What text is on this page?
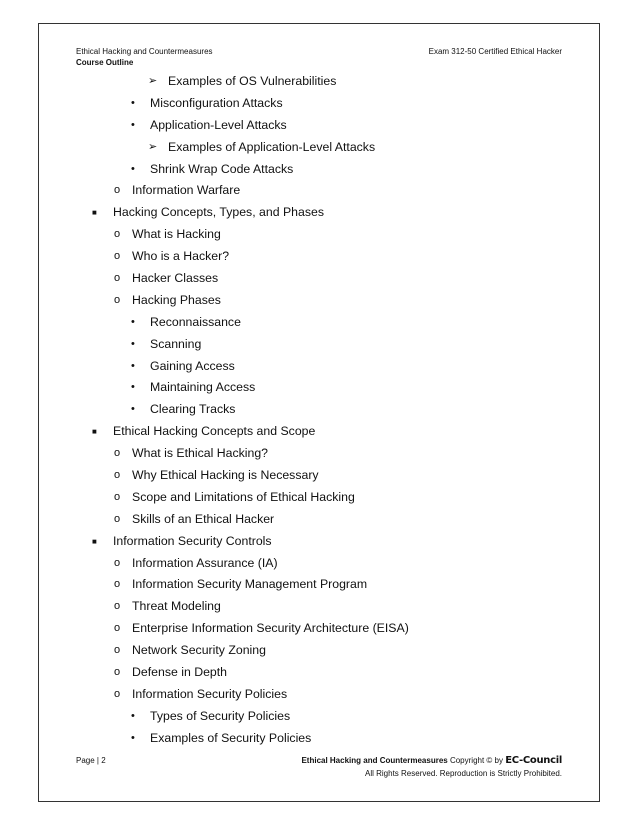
Ethical Hacking and Countermeasures
Course Outline
Exam 312-50 Certified Ethical Hacker
➢ Examples of OS Vulnerabilities
• Misconfiguration Attacks
• Application-Level Attacks
➢ Examples of Application-Level Attacks
• Shrink Wrap Code Attacks
o Information Warfare
■ Hacking Concepts, Types, and Phases
o What is Hacking
o Who is a Hacker?
o Hacker Classes
o Hacking Phases
• Reconnaissance
• Scanning
• Gaining Access
• Maintaining Access
• Clearing Tracks
■ Ethical Hacking Concepts and Scope
o What is Ethical Hacking?
o Why Ethical Hacking is Necessary
o Scope and Limitations of Ethical Hacking
o Skills of an Ethical Hacker
■ Information Security Controls
o Information Assurance (IA)
o Information Security Management Program
o Threat Modeling
o Enterprise Information Security Architecture (EISA)
o Network Security Zoning
o Defense in Depth
o Information Security Policies
• Types of Security Policies
• Examples of Security Policies
Page | 2	Ethical Hacking and Countermeasures Copyright © by EC-Council
All Rights Reserved. Reproduction is Strictly Prohibited.
